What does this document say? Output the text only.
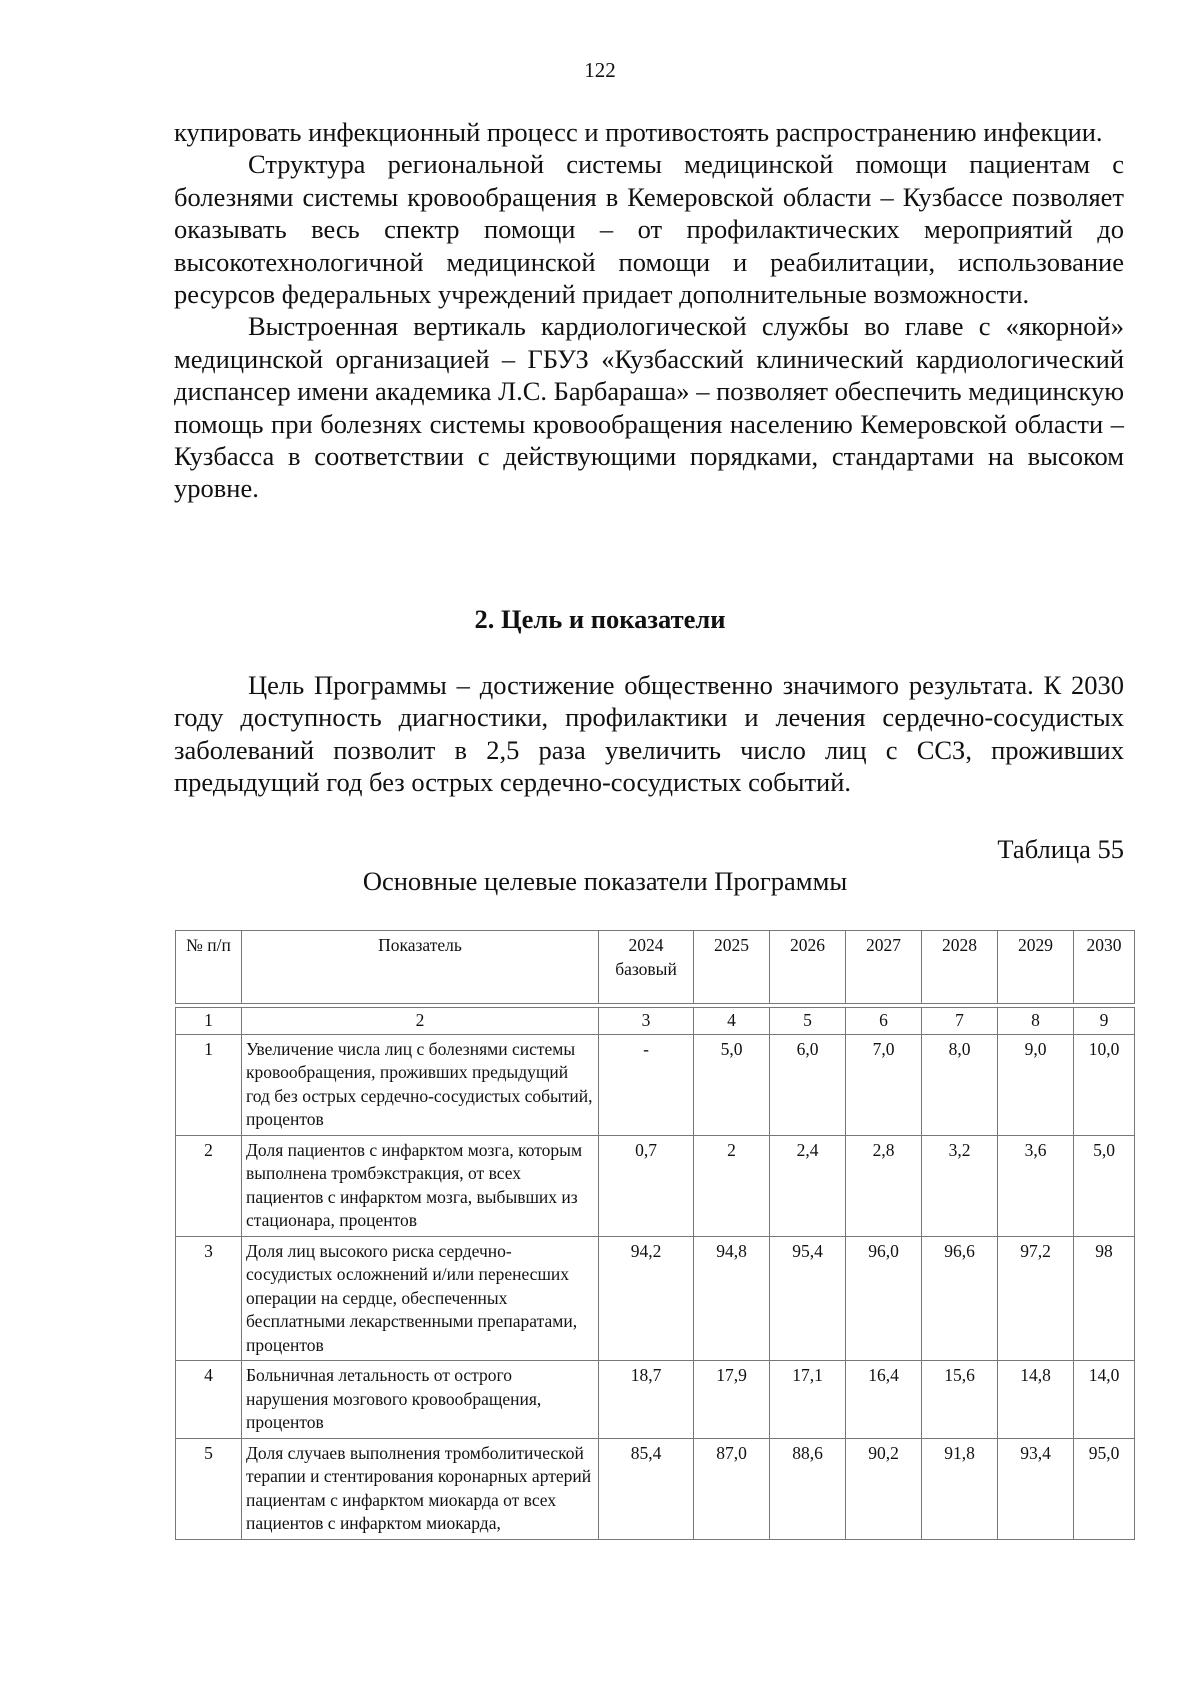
122

купировать инфекционный процесс и противостоять распространению инфекции.

Структура региональной системы медицинской помощи пациентам с болезнями системы кровообращения в Кемеровской области – Кузбассе позволяет оказывать весь спектр помощи – от профилактических мероприятий до высокотехнологичной медицинской помощи и реабилитации, использование ресурсов федеральных учреждений придает дополнительные возможности.

Выстроенная вертикаль кардиологической службы во главе с «якорной» медицинской организацией – ГБУЗ «Кузбасский клинический кардиологический диспансер имени академика Л.С. Барбараша» – позволяет обеспечить медицинскую помощь при болезнях системы кровообращения населению Кемеровской области – Кузбасса в соответствии с действующими порядками, стандартами на высоком уровне.

2. Цель и показатели

Цель Программы – достижение общественно значимого результата. К 2030 году доступность диагностики, профилактики и лечения сердечно-сосудистых заболеваний позволит в 2,5 раза увеличить число лиц с ССЗ, проживших предыдущий год без острых сердечно-сосудистых событий.

Таблица 55
Основные целевые показатели Программы
№ п/п	Показатель	2024 базовый	2025	2026	2027	2028	2029	2030
1	2	3	4	5	6	7	8	9
1	Увеличение числа лиц с болезнями системы кровообращения, проживших предыдущий год без острых сердечно-сосудистых событий, процентов	-	5,0	6,0	7,0	8,0	9,0	10,0
2	Доля пациентов с инфарктом мозга, которым выполнена тромбэкстракция, от всех пациентов с инфарктом мозга, выбывших из стационара, процентов	0,7	2	2,4	2,8	3,2	3,6	5,0
3	Доля лиц высокого риска сердечно-сосудистых осложнений и/или перенесших операции на сердце, обеспеченных бесплатными лекарственными препаратами, процентов	94,2	94,8	95,4	96,0	96,6	97,2	98
4	Больничная летальность от острого нарушения мозгового кровообращения, процентов	18,7	17,9	17,1	16,4	15,6	14,8	14,0
5	Доля случаев выполнения тромболитической терапии и стентирования коронарных артерий пациентам с инфарктом миокарда от всех пациентов с инфарктом миокарда,	85,4	87,0	88,6	90,2	91,8	93,4	95,0
